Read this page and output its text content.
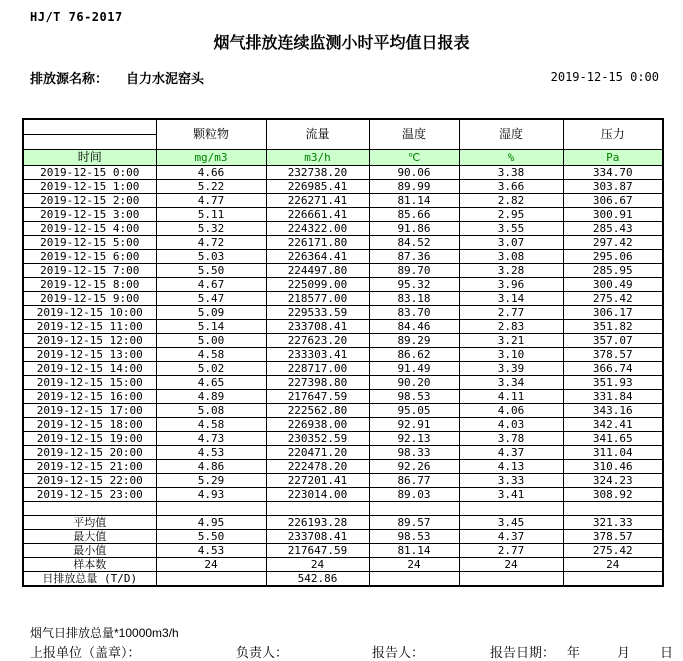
HJ/T 76-2017
烟气排放连续监测小时平均值日报表
排放源名称： 自力水泥窑头	2019-12-15 0:00
	颗粒物	流量	温度	湿度	压力

时间	mg/m3	m3/h	℃	%	Pa
2019-12-15 0:00	4.66	232738.20	90.06	3.38	334.70
2019-12-15 1:00	5.22	226985.41	89.99	3.66	303.87
2019-12-15 2:00	4.77	226271.41	81.14	2.82	306.67
2019-12-15 3:00	5.11	226661.41	85.66	2.95	300.91
2019-12-15 4:00	5.32	224322.00	91.86	3.55	285.43
2019-12-15 5:00	4.72	226171.80	84.52	3.07	297.42
2019-12-15 6:00	5.03	226364.41	87.36	3.08	295.06
2019-12-15 7:00	5.50	224497.80	89.70	3.28	285.95
2019-12-15 8:00	4.67	225099.00	95.32	3.96	300.49
2019-12-15 9:00	5.47	218577.00	83.18	3.14	275.42
2019-12-15 10:00	5.09	229533.59	83.70	2.77	306.17
2019-12-15 11:00	5.14	233708.41	84.46	2.83	351.82
2019-12-15 12:00	5.00	227623.20	89.29	3.21	357.07
2019-12-15 13:00	4.58	233303.41	86.62	3.10	378.57
2019-12-15 14:00	5.02	228717.00	91.49	3.39	366.74
2019-12-15 15:00	4.65	227398.80	90.20	3.34	351.93
2019-12-15 16:00	4.89	217647.59	98.53	4.11	331.84
2019-12-15 17:00	5.08	222562.80	95.05	4.06	343.16
2019-12-15 18:00	4.58	226938.00	92.91	4.03	342.41
2019-12-15 19:00	4.73	230352.59	92.13	3.78	341.65
2019-12-15 20:00	4.53	220471.20	98.33	4.37	311.04
2019-12-15 21:00	4.86	222478.20	92.26	4.13	310.46
2019-12-15 22:00	5.29	227201.41	86.77	3.33	324.23
2019-12-15 23:00	4.93	223014.00	89.03	3.41	308.92

平均值	4.95	226193.28	89.57	3.45	321.33
最大值	5.50	233708.41	98.53	4.37	378.57
最小值	4.53	217647.59	81.14	2.77	275.42
样本数	24	24	24	24	24
日排放总量 (T/D)		542.86			
烟气日排放总量*10000m3/h
上报单位（盖章）：	负责人：	报告人：	报告日期： 年	月 日
